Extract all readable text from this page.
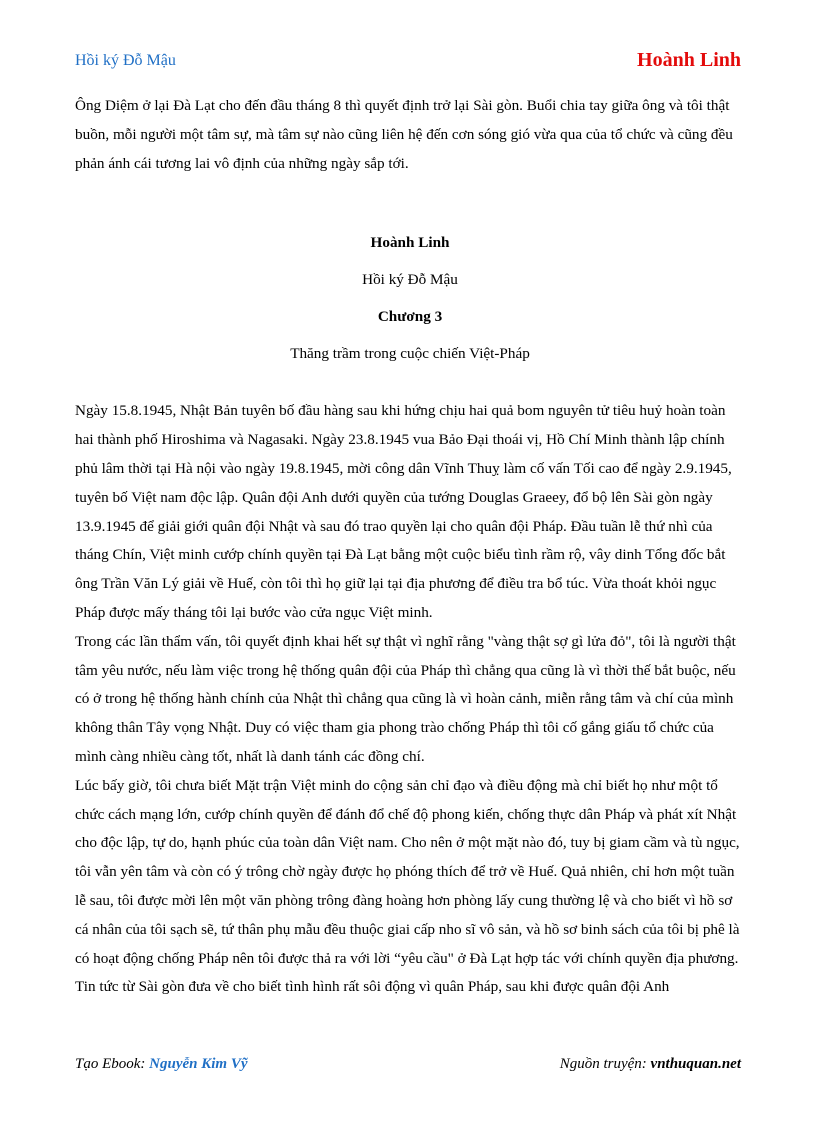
Hồi ký Đỗ Mậu	Hoành Linh

Ông Diệm ở lại Đà Lạt cho đến đầu tháng 8 thì quyết định trở lại Sài gòn. Buổi chia tay giữa ông và tôi thật buồn, mỗi người một tâm sự, mà tâm sự nào cũng liên hệ đến cơn sóng gió vừa qua của tổ chức và cũng đều phản ánh cái tương lai vô định của những ngày sắp tới.

Hoành Linh
Hồi ký Đỗ Mậu
Chương 3
Thăng trầm trong cuộc chiến Việt-Pháp

Ngày 15.8.1945, Nhật Bản tuyên bố đầu hàng sau khi hứng chịu hai quả bom nguyên tử tiêu huỷ hoàn toàn hai thành phố Hiroshima và Nagasaki. Ngày 23.8.1945 vua Bảo Đại thoái vị, Hồ Chí Minh thành lập chính phủ lâm thời tại Hà nội vào ngày 19.8.1945, mời công dân Vĩnh Thuỵ làm cố vấn Tối cao để ngày 2.9.1945, tuyên bố Việt nam độc lập. Quân đội Anh dưới quyền của tướng Douglas Graeey, đổ bộ lên Sài gòn ngày 13.9.1945 để giải giới quân đội Nhật và sau đó trao quyền lại cho quân đội Pháp. Đầu tuần lễ thứ nhì của tháng Chín, Việt minh cướp chính quyền tại Đà Lạt bằng một cuộc biểu tình rầm rộ, vây dinh Tổng đốc bắt ông Trần Văn Lý giải về Huế, còn tôi thì họ giữ lại tại địa phương để điều tra bổ túc. Vừa thoát khỏi ngục Pháp được mấy tháng tôi lại bước vào cửa ngục Việt minh.

Trong các lần thẩm vấn, tôi quyết định khai hết sự thật vì nghĩ rằng "vàng thật sợ gì lửa đỏ", tôi là người thật tâm yêu nước, nếu làm việc trong hệ thống quân đội của Pháp thì chẳng qua cũng là vì thời thế bắt buộc, nếu có ở trong hệ thống hành chính của Nhật thì chẳng qua cũng là vì hoàn cảnh, miễn rằng tâm và chí của mình không thân Tây vọng Nhật. Duy có việc tham gia phong trào chống Pháp thì tôi cố gắng giấu tổ chức của mình càng nhiều càng tốt, nhất là danh tánh các đồng chí.

Lúc bấy giờ, tôi chưa biết Mặt trận Việt minh do cộng sản chỉ đạo và điều động mà chỉ biết họ như một tổ chức cách mạng lớn, cướp chính quyền để đánh đổ chế độ phong kiến, chống thực dân Pháp và phát xít Nhật cho độc lập, tự do, hạnh phúc của toàn dân Việt nam. Cho nên ở một mặt nào đó, tuy bị giam cầm và tù ngục, tôi vẫn yên tâm và còn có ý trông chờ ngày được họ phóng thích để trở về Huế. Quả nhiên, chỉ hơn một tuần lễ sau, tôi được mời lên một văn phòng trông đàng hoàng hơn phòng lấy cung thường lệ và cho biết vì hồ sơ cá nhân của tôi sạch sẽ, tứ thân phụ mẫu đều thuộc giai cấp nho sĩ vô sản, và hồ sơ binh sách của tôi bị phê là có hoạt động chống Pháp nên tôi được thả ra với lời “yêu cầu" ở Đà Lạt hợp tác với chính quyền địa phương.

Tin tức từ Sài gòn đưa về cho biết tình hình rất sôi động vì quân Pháp, sau khi được quân đội Anh

Tạo Ebook: Nguyễn Kim Vỹ	Nguồn truyện: vnthuquan.net
